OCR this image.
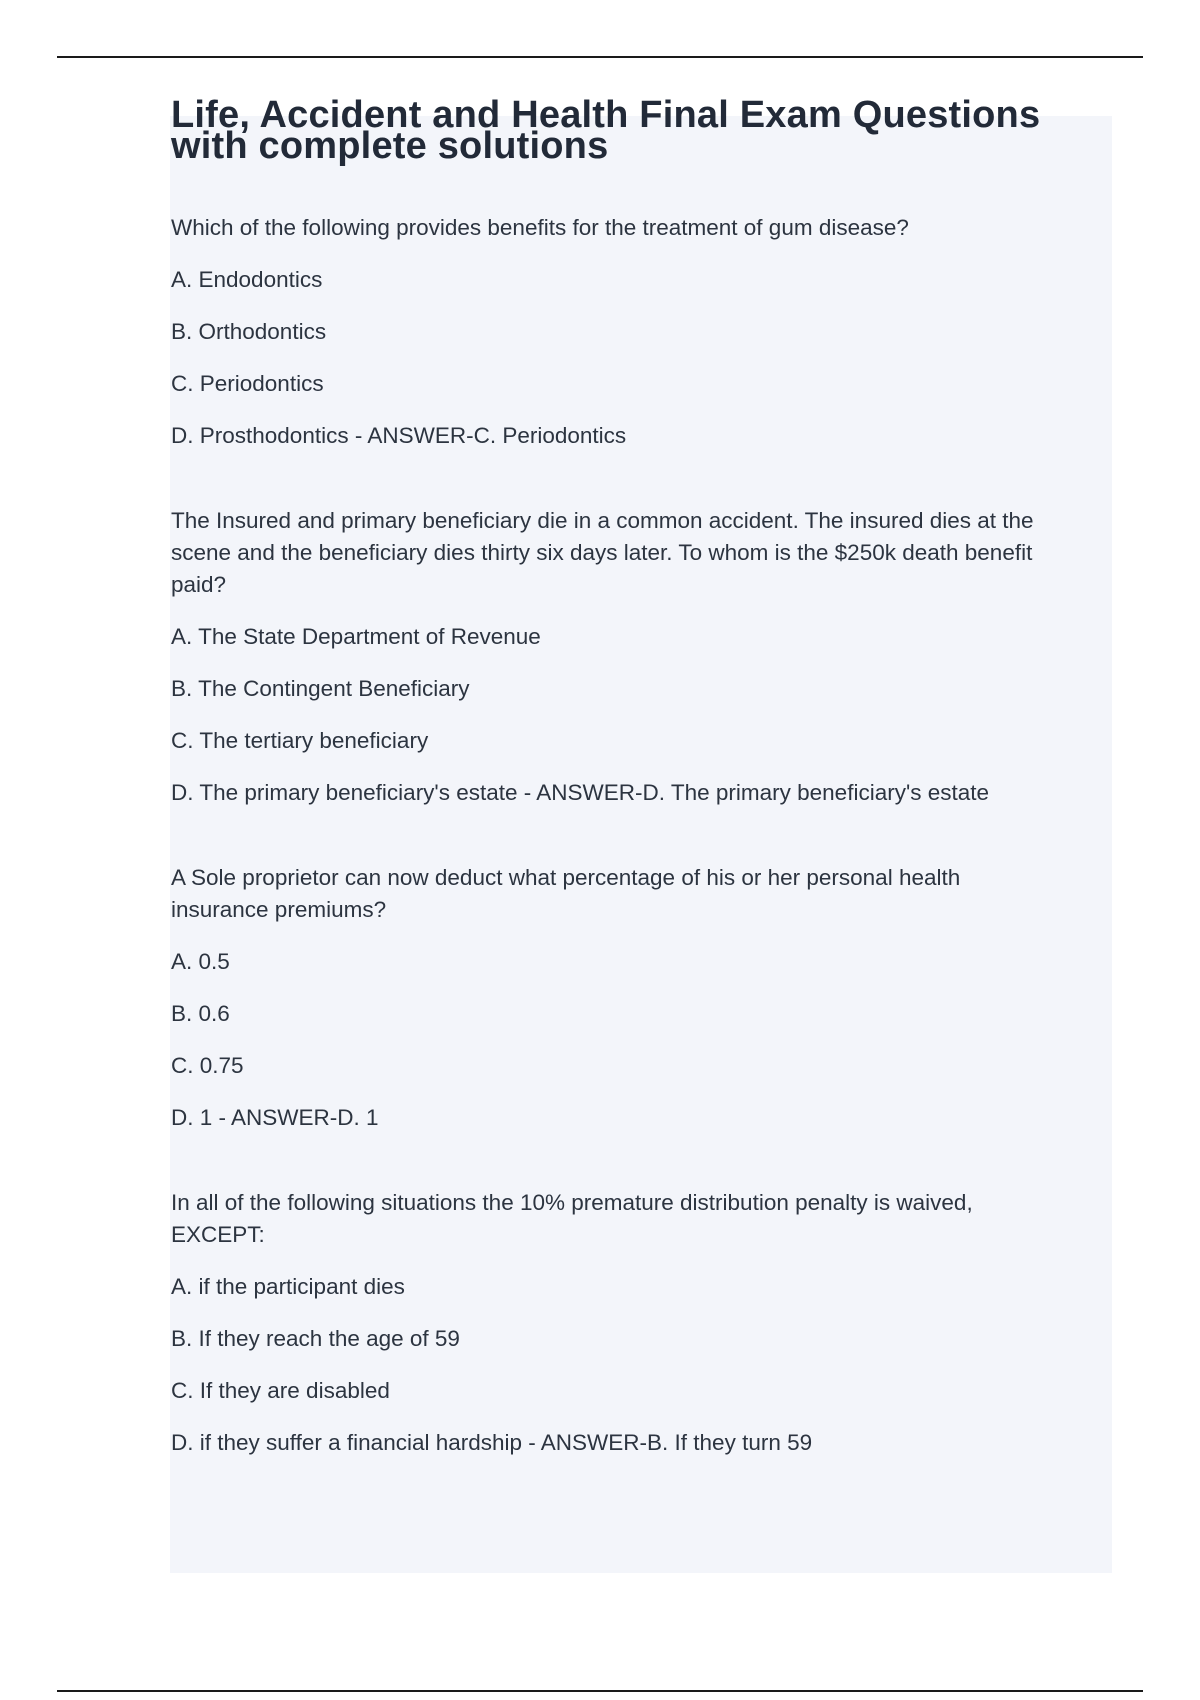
Life, Accident and Health Final Exam Questions
with complete solutions

Which of the following provides benefits for the treatment of gum disease?

A. Endodontics

B. Orthodontics

C. Periodontics

D. Prosthodontics - ANSWER-C. Periodontics

The Insured and primary beneficiary die in a common accident. The insured dies at the
scene and the beneficiary dies thirty six days later. To whom is the $250k death benefit
paid?

A. The State Department of Revenue

B. The Contingent Beneficiary

C. The tertiary beneficiary

D. The primary beneficiary's estate - ANSWER-D. The primary beneficiary's estate

A Sole proprietor can now deduct what percentage of his or her personal health
insurance premiums?

A. 0.5

B. 0.6

C. 0.75

D. 1 - ANSWER-D. 1

In all of the following situations the 10% premature distribution penalty is waived,
EXCEPT:

A. if the participant dies

B. If they reach the age of 59

C. If they are disabled

D. if they suffer a financial hardship - ANSWER-B. If they turn 59
